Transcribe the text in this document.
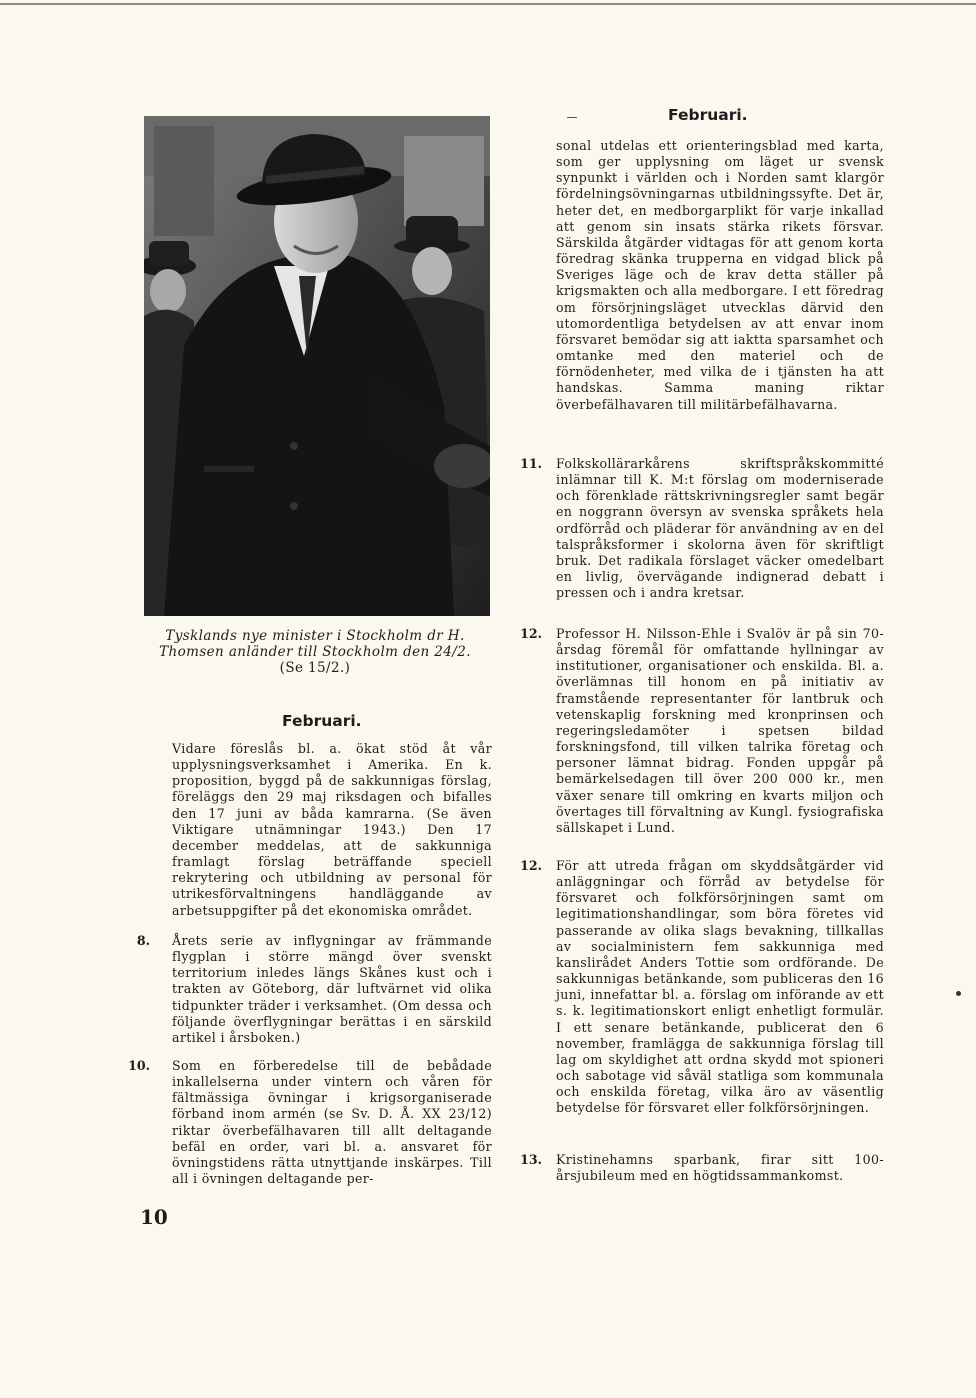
Tysklands nye minister i Stockholm dr H. Thomsen anländer till Stockholm den 24/2.
(Se 15/2.)
Februari.
Vidare föreslås bl. a. ökat stöd åt vår upplysningsverksamhet i Amerika. En k. proposition, byggd på de sakkunnigas förslag, föreläggs den 29 maj riksdagen och bifalles den 17 juni av båda kamrarna. (Se även Viktigare utnämningar 1943.) Den 17 december meddelas, att de sakkunniga framlagt förslag beträffande speciell rekrytering och utbildning av personal för utrikesförvaltningens handläggande av arbetsuppgifter på det ekonomiska området.
8. Årets serie av inflygningar av främmande flygplan i större mängd över svenskt territorium inledes längs Skånes kust och i trakten av Göteborg, där luftvärnet vid olika tidpunkter träder i verksamhet. (Om dessa och följande överflygningar berättas i en särskild artikel i årsboken.)
10. Som en förberedelse till de bebådade inkallelserna under vintern och våren för fältmässiga övningar i krigsorganiserade förband inom armén (se Sv. D. Å. XX 23/12) riktar överbefälhavaren till allt deltagande befäl en order, vari bl. a. ansvaret för övningstidens rätta utnyttjande inskärpes. Till all i övningen deltagande per-
Februari.
sonal utdelas ett orienteringsblad med karta, som ger upplysning om läget ur svensk synpunkt i världen och i Norden samt klargör fördelningsövningarnas utbildningssyfte. Det är, heter det, en medborgarplikt för varje inkallad att genom sin insats stärka rikets försvar. Särskilda åtgärder vidtagas för att genom korta föredrag skänka trupperna en vidgad blick på Sveriges läge och de krav detta ställer på krigsmakten och alla medborgare. I ett föredrag om försörjningsläget utvecklas därvid den utomordentliga betydelsen av att envar inom försvaret bemödar sig att iaktta sparsamhet och omtanke med den materiel och de förnödenheter, med vilka de i tjänsten ha att handskas. Samma maning riktar överbefälhavaren till militärbefälhavarna.
11. Folkskollärarkårens skriftspråkskommitté inlämnar till K. M:t förslag om moderniserade och förenklade rättskrivningsregler samt begär en noggrann översyn av svenska språkets hela ordförråd och pläderar för användning av en del talspråksformer i skolorna även för skriftligt bruk. Det radikala förslaget väcker omedelbart en livlig, övervägande indignerad debatt i pressen och i andra kretsar.
12. Professor H. Nilsson-Ehle i Svalöv är på sin 70-årsdag föremål för omfattande hyllningar av institutioner, organisationer och enskilda. Bl. a. överlämnas till honom en på initiativ av framstående representanter för lantbruk och vetenskaplig forskning med kronprinsen och regeringsledamöter i spetsen bildad forskningsfond, till vilken talrika företag och personer lämnat bidrag. Fonden uppgår på bemärkelsedagen till över 200 000 kr., men växer senare till omkring en kvarts miljon och övertages till förvaltning av Kungl. fysiografiska sällskapet i Lund.
12. För att utreda frågan om skyddsåtgärder vid anläggningar och förråd av betydelse för försvaret och folkförsörjningen samt om legitimationshandlingar, som böra företes vid passerande av olika slags bevakning, tillkallas av socialministern fem sakkunniga med kanslirådet Anders Tottie som ordförande. De sakkunnigas betänkande, som publiceras den 16 juni, innefattar bl. a. förslag om införande av ett s. k. legitimationskort enligt enhetligt formulär. I ett senare betänkande, publicerat den 6 november, framlägga de sakkunniga förslag till lag om skyldighet att ordna skydd mot spioneri och sabotage vid såväl statliga som kommunala och enskilda företag, vilka äro av väsentlig betydelse för försvaret eller folkförsörjningen.
13. Kristinehamns sparbank, firar sitt 100-årsjubileum med en högtidssammankomst.
10
